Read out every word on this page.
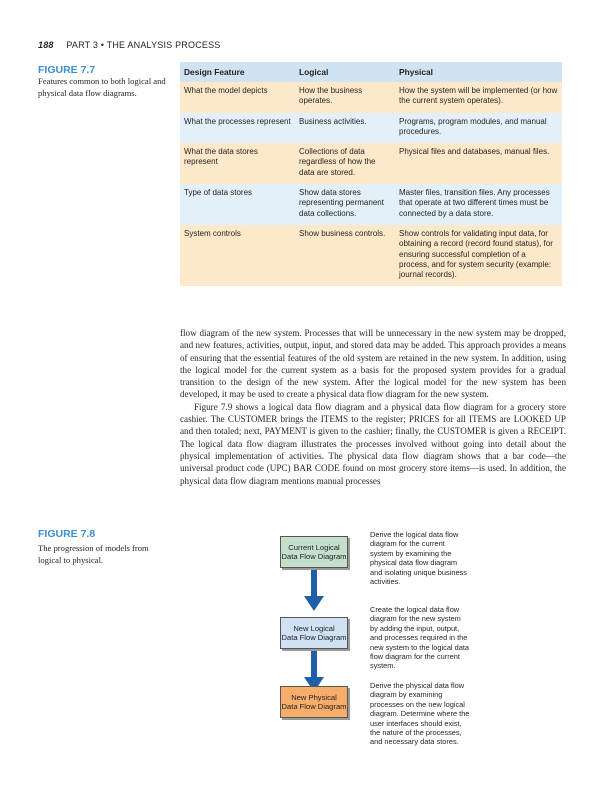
188 PART 3 • THE ANALYSIS PROCESS
FIGURE 7.7
Features common to both logical and physical data flow diagrams.
Design Feature	Logical	Physical
What the model depicts	How the business operates.	How the system will be implemented (or how the current system operates).
What the processes represent	Business activities.	Programs, program modules, and manual procedures.
What the data stores represent	Collections of data regardless of how the data are stored.	Physical files and databases, manual files.
Type of data stores	Show data stores representing permanent data collections.	Master files, transition files. Any processes that operate at two different times must be connected by a data store.
System controls	Show business controls.	Show controls for validating input data, for obtaining a record (record found status), for ensuring successful completion of a process, and for system security (example: journal records).

flow diagram of the new system. Processes that will be unnecessary in the new system may be dropped, and new features, activities, output, input, and stored data may be added. This approach provides a means of ensuring that the essential features of the old system are retained in the new system. In addition, using the logical model for the current system as a basis for the proposed system provides for a gradual transition to the design of the new system. After the logical model for the new system has been developed, it may be used to create a physical data flow diagram for the new system.

Figure 7.9 shows a logical data flow diagram and a physical data flow diagram for a grocery store cashier. The CUSTOMER brings the ITEMS to the register; PRICES for all ITEMS are LOOKED UP and then totaled; next, PAYMENT is given to the cashier; finally, the CUSTOMER is given a RECEIPT. The logical data flow diagram illustrates the processes involved without going into detail about the physical implementation of activities. The physical data flow diagram shows that a bar code—the universal product code (UPC) BAR CODE found on most grocery store items—is used. In addition, the physical data flow diagram mentions manual processes

FIGURE 7.8
The progression of models from logical to physical.
Current Logical
Data Flow Diagram
Derive the logical data flow diagram for the current system by examining the physical data flow diagram and isolating unique business activities.
New Logical
Data Flow Diagram
Create the logical data flow diagram for the new system by adding the input, output, and processes required in the new system to the logical data flow diagram for the current system.
New Physical
Data Flow Diagram
Derive the physical data flow diagram by examining processes on the new logical diagram. Determine where the user interfaces should exist, the nature of the processes, and necessary data stores.
